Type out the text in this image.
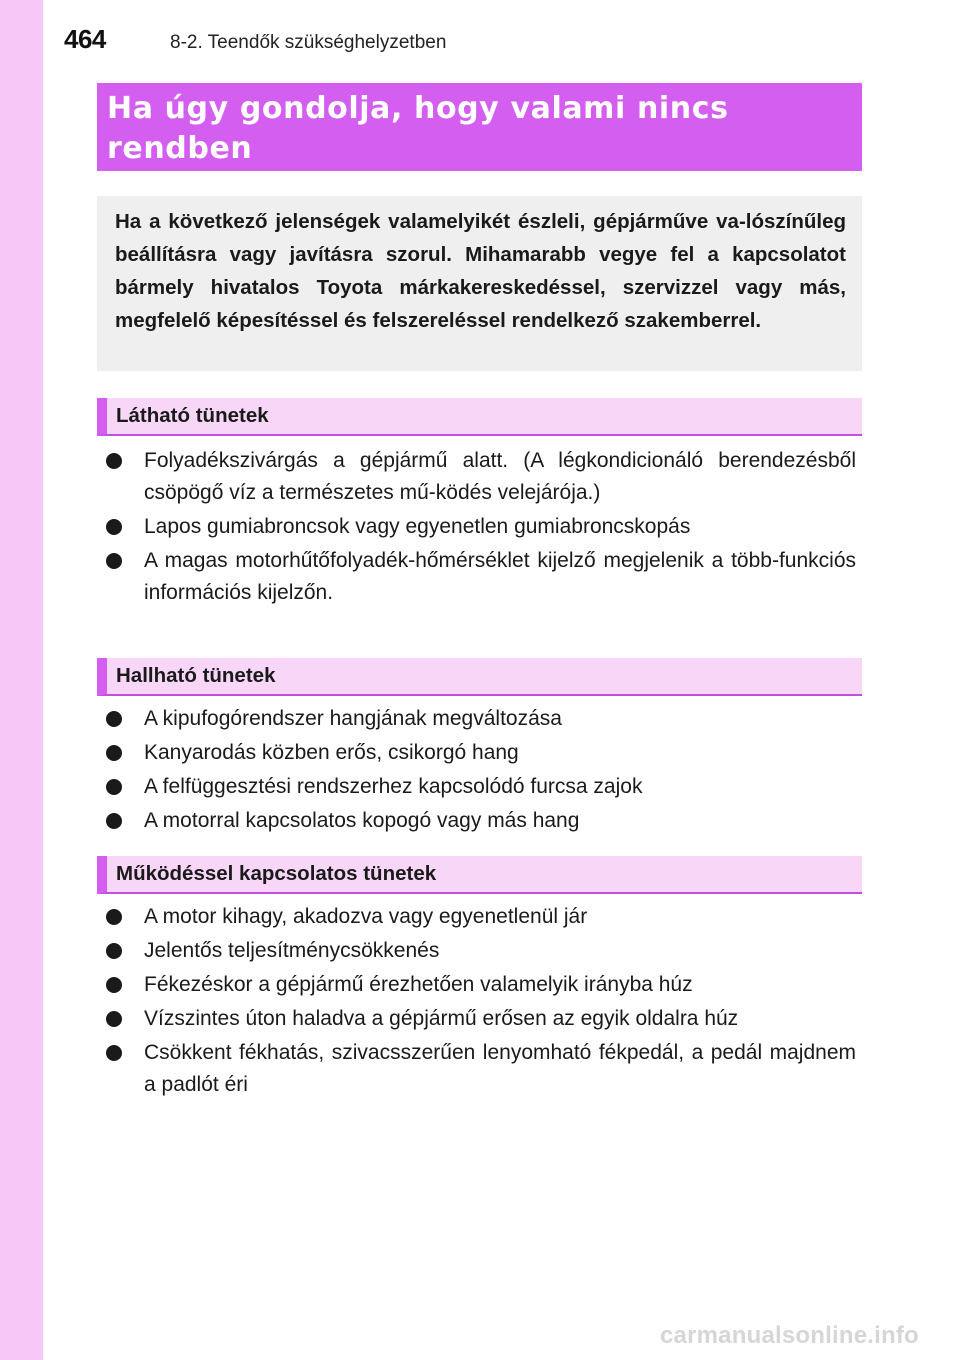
464	8-2. Teendők szükséghelyzetben
Ha úgy gondolja, hogy valami nincs rendben

Ha a következő jelenségek valamelyikét észleli, gépjárműve va-lószínűleg beállításra vagy javításra szorul. Mihamarabb vegye fel a kapcsolatot bármely hivatalos Toyota márkakereskedéssel, szervizzel vagy más, megfelelő képesítéssel és felszereléssel rendelkező szakemberrel.

Látható tünetek
Folyadékszivárgás a gépjármű alatt. (A légkondicionáló berendezésből csöpögő víz a természetes mű-ködés velejárója.)
Lapos gumiabroncsok vagy egyenetlen gumiabroncskopás
A magas motorhűtőfolyadék-hőmérséklet kijelző megjelenik a több-funkciós információs kijelzőn.
Hallható tünetek
A kipufogórendszer hangjának megváltozása
Kanyarodás közben erős, csikorgó hang
A felfüggesztési rendszerhez kapcsolódó furcsa zajok
A motorral kapcsolatos kopogó vagy más hang
Működéssel kapcsolatos tünetek
A motor kihagy, akadozva vagy egyenetlenül jár
Jelentős teljesítménycsökkenés
Fékezéskor a gépjármű érezhetően valamelyik irányba húz
Vízszintes úton haladva a gépjármű erősen az egyik oldalra húz
Csökkent fékhatás, szivacsszerűen lenyomható fékpedál, a pedál majdnem a padlót éri
carmanualsonline.info
